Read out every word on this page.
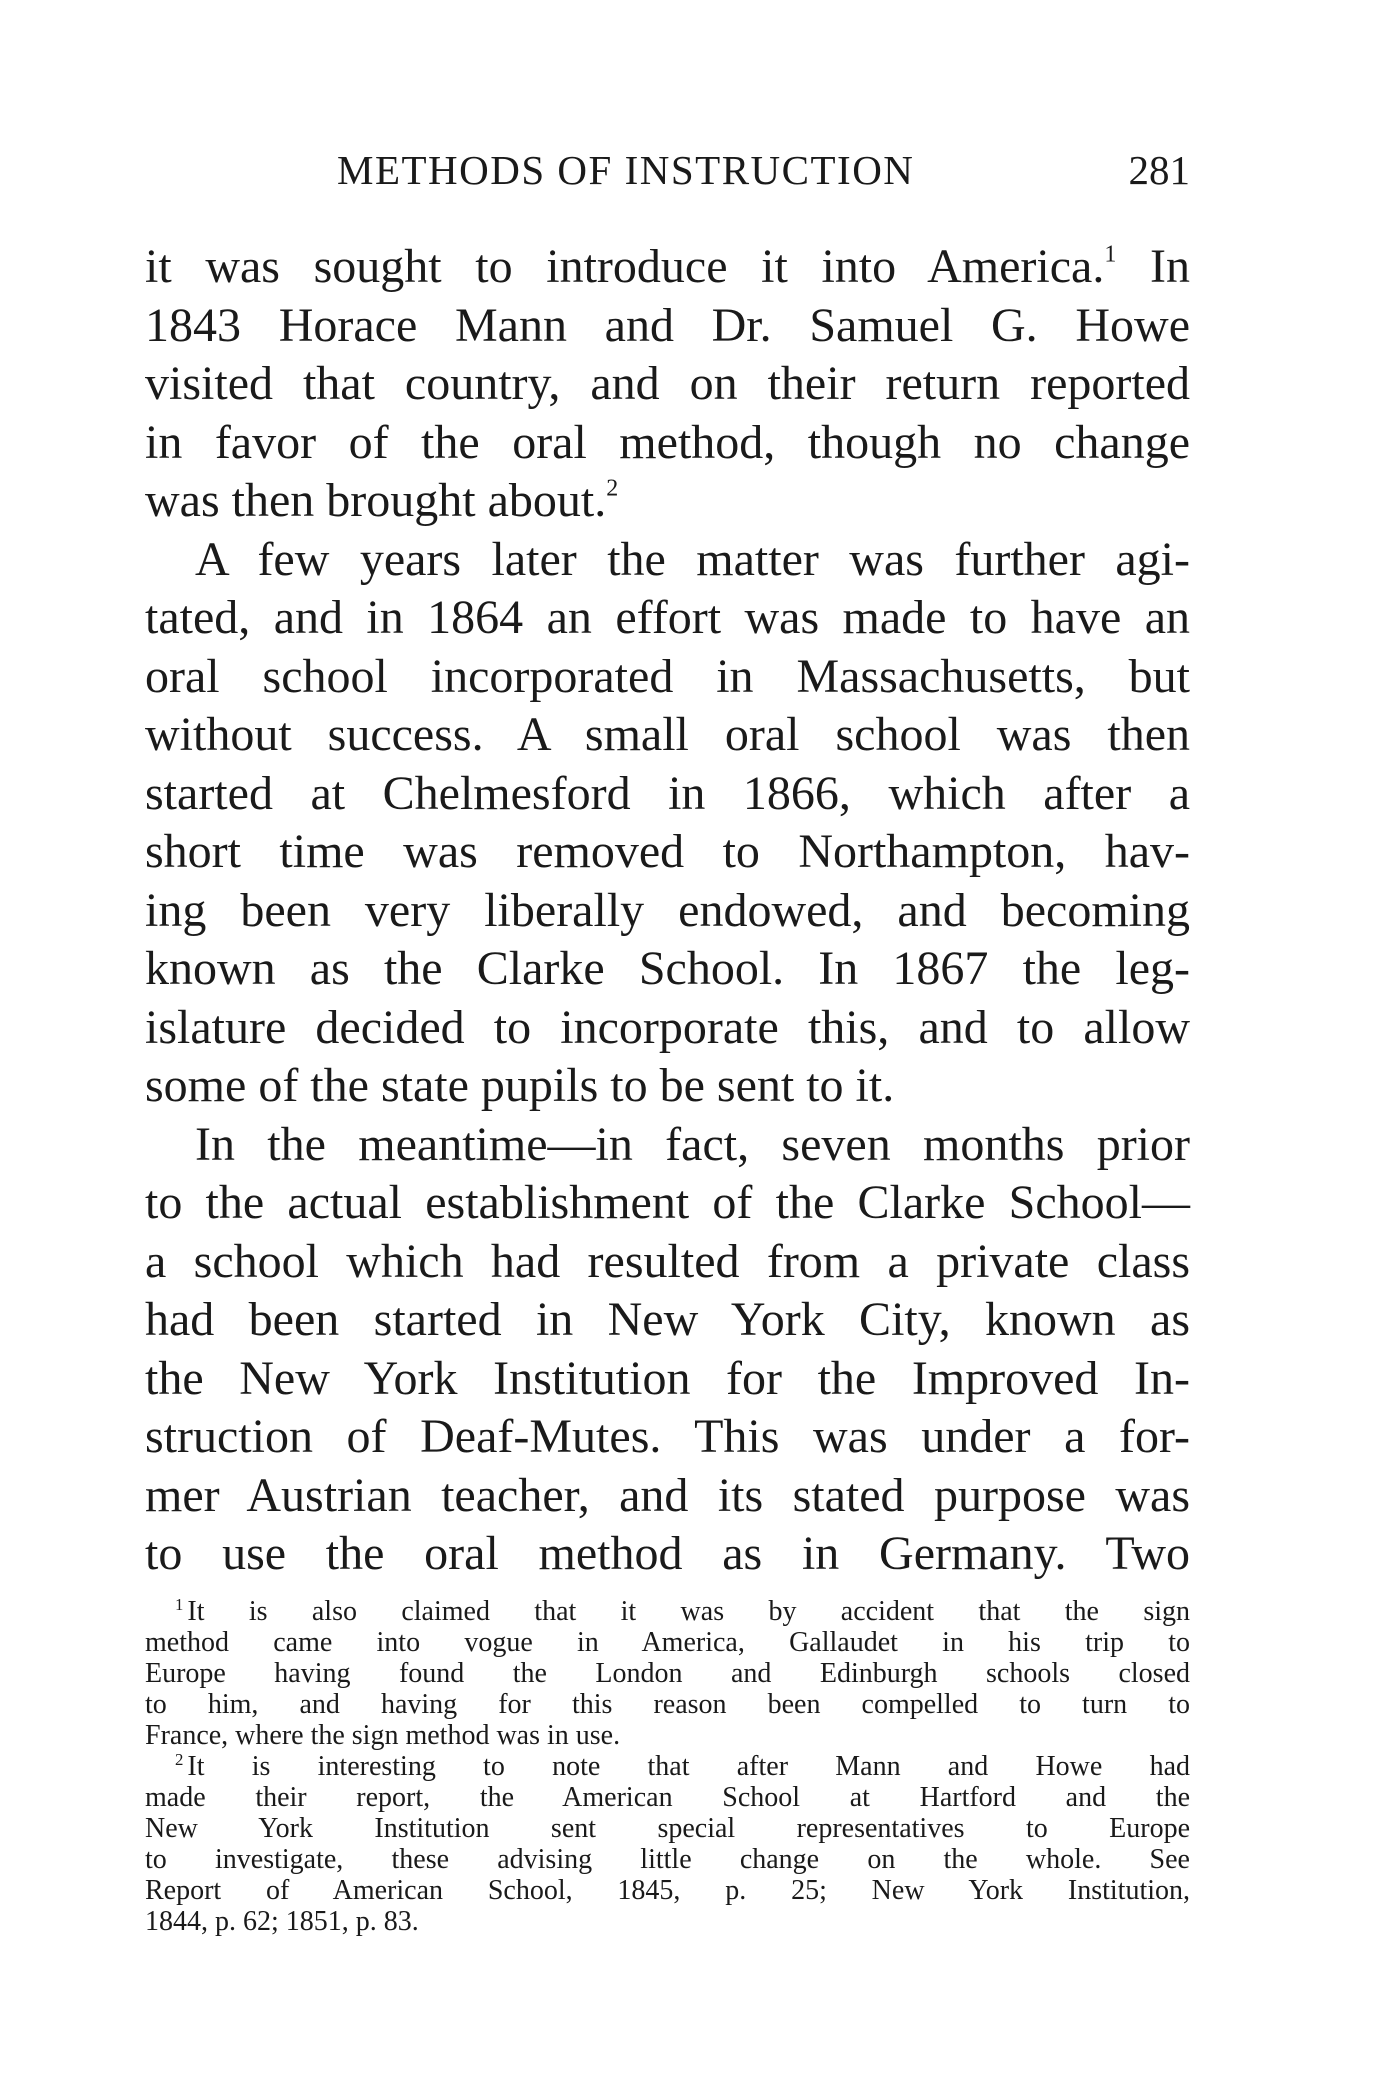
METHODS OF INSTRUCTION	281
it was sought to introduce it into America.$^1$ In
1843 Horace Mann and Dr. Samuel G. Howe
visited that country, and on their return reported
in favor of the oral method, though no change
was then brought about.$^2$
A few years later the matter was further agi-
tated, and in 1864 an effort was made to have an
oral school incorporated in Massachusetts, but
without success. A small oral school was then
started at Chelmesford in 1866, which after a
short time was removed to Northampton, hav-
ing been very liberally endowed, and becoming
known as the Clarke School. In 1867 the leg-
islature decided to incorporate this, and to allow
some of the state pupils to be sent to it.
In the meantime—in fact, seven months prior
to the actual establishment of the Clarke School—
a school which had resulted from a private class
had been started in New York City, known as
the New York Institution for the Improved In-
struction of Deaf-Mutes. This was under a for-
mer Austrian teacher, and its stated purpose was
to use the oral method as in Germany. Two
$^1$ It is also claimed that it was by accident that the sign
method came into vogue in America, Gallaudet in his trip to
Europe having found the London and Edinburgh schools closed
to him, and having for this reason been compelled to turn to
France, where the sign method was in use.
$^2$ It is interesting to note that after Mann and Howe had
made their report, the American School at Hartford and the
New York Institution sent special representatives to Europe
to investigate, these advising little change on the whole. See
Report of American School, 1845, p. 25; New York Institution,
1844, p. 62; 1851, p. 83.
